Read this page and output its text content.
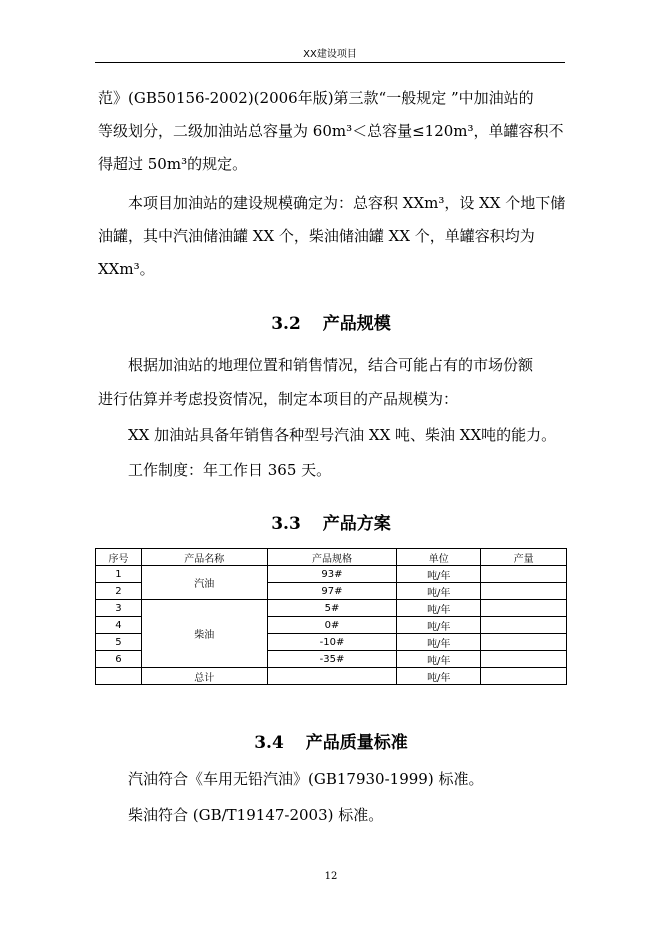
XX建设项目

范》(GB50156-2002)(2006年版)第三款“一般规定 ”中加油站的

等级划分，二级加油站总容量为 60m³＜总容量≤120m³，单罐容积不

得超过 50m³的规定。

本项目加油站的建设规模确定为：总容积 XXm³，设 XX 个地下储

油罐，其中汽油储油罐 XX 个，柴油储油罐 XX 个，单罐容积均为

XXm³。

3.2 产品规模

根据加油站的地理位置和销售情况，结合可能占有的市场份额

进行估算并考虑投资情况，制定本项目的产品规模为：

XX 加油站具备年销售各种型号汽油 XX 吨、柴油 XX吨的能力。

工作制度：年工作日 365 天。

3.3 产品方案
序号	产品名称	产品规格	单位	产量
1	汽油	93#	吨/年	
2		97#	吨/年	
3	柴油	5#	吨/年	
4		0#	吨/年	
5		-10#	吨/年	
6		-35#	吨/年	
	总计		吨/年	
3.4 产品质量标准

汽油符合《车用无铅汽油》(GB17930-1999) 标准。

柴油符合 (GB/T19147-2003) 标准。

12
